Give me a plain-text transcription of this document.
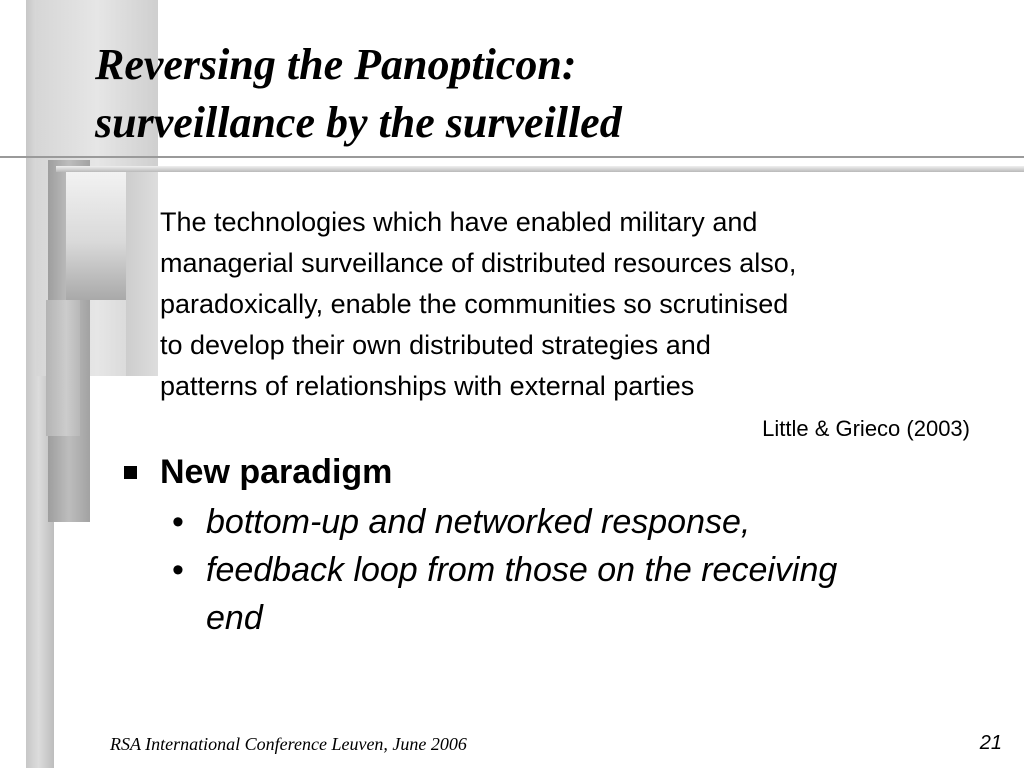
Reversing the Panopticon:
surveillance by the surveilled

The technologies which have enabled military and
managerial surveillance of distributed resources also,
paradoxically, enable the communities so scrutinised
to develop their own distributed strategies and
patterns of relationships with external parties

Little & Grieco (2003)
New paradigm
• bottom-up and networked response,
• feedback loop from those on the receiving
end
RSA International Conference Leuven, June 2006	21
